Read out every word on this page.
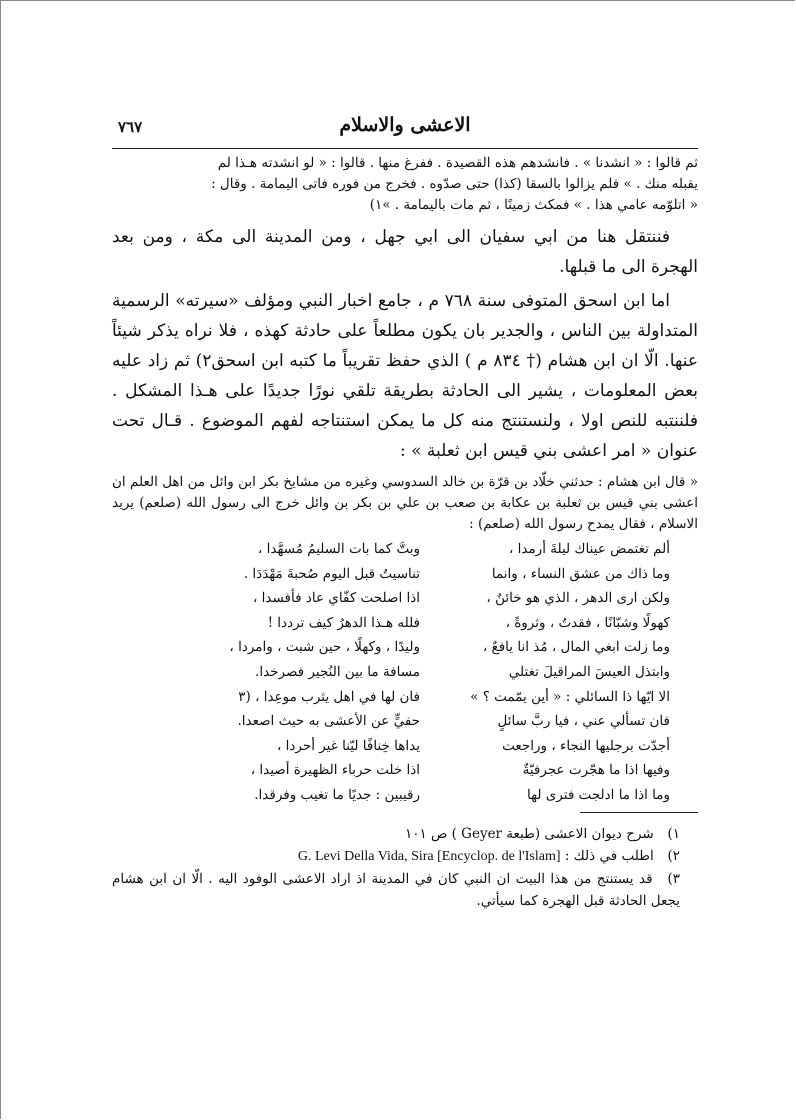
الاعشى والاسلام
٧٦٧
ثم قالوا : « انشدنا » . فانشدهم هذه القصيدة . ففرغ منها . قالوا : « لو انشدته هـذا لم
يقبله منك . » فلم يزالوا بالسقا (كذا) حتى صدّوه . فخرج من فوره فاتى اليمامة . وقال :
« اتلوّمه عامي هذا . » فمكث زمينًا ، ثم مات باليمامة . »١)
فننتقل هنا من ابي سفيان الى ابي جهل ، ومن المدينة الى مكة ، ومن بعد الهجرة الى ما قبلها.
اما ابن اسحق المتوفى سنة ٧٦٨ م ، جامع اخبار النبي ومؤلف «سيرته» الرسمية المتداولة بين الناس ، والجدير بان يكون مطلعاً على حادثة كهذه ، فلا نراه يذكر شيئاً عنها. الّا ان ابن هشام († ٨٣٤ م ) الذي حفظ تقريباً ما كتبه ابن اسحق٢) ثم زاد عليه بعض المعلومات ، يشير الى الحادثة بطريقة تلقي نورًا جديدًا على هـذا المشكل . فلننتبه للنص اولا ، ولنستنتج منه كل ما يمكن استنتاجه لفهم الموضوع . قـال تحت عنوان « امر اعشى بني قيس ابن ثعلبة » :
« قال ابن هشام : حدثني خلّاد بن قرّة بن خالد السدوسي وغيره من مشايخ بكر ابن وائل من اهل العلم ان اعشى بني قيس بن ثعلبة بن عكابة بن صعب بن علي بن بكر بن وائل خرج الى رسول الله (صلعم) يريد الاسلام ، فقال يمدح رسول الله (صلعم) :
ألم تغتمض عيناك ليلةَ أرمدا ،
وبتَّ كما بات السليمُ مُسهَّدا ،
وما ذاك من عشق النساء ، وانما
تناسيتُ قبل اليوم صُحبةَ مَهْدَدَا .
ولكن ارى الدهر ، الذي هو خائنٌ ،
اذا اصلحت كفّاي عاد فأفسدا ،
كهولًا وشبّانًا ، فقدتُ ، وثروةً ،
فلله هـذا الدهرُ كيف ترددا !
وما زلت ابغي المال ، مُذ انا يافعٌ ،
وليدًا ، وكهلًا ، حين شبت ، وامردا ،
وابتذل العيسَ المراقيلَ تغتلي
مسافة ما بين النُجير فصرخدا.
الا ايّها ذا السائلي : « أين يمّمت ؟ »
فان لها في اهل يثرب موعِدا ، (٣
فان تسألي عني ، فيا ربَّ سائلٍ
حفيٍّ عن الأعشى به حيث اصعدا.
أجدّت برجليها النجاء ، وراجعت
يداها خِنافًا ليّنا غير أحردا ،
وفيها اذا ما هجّرت عجرفيّةٌ
اذا خلت حرباء الظهيرة أصيدا ،
وما اذا ما ادلجت فترى لها
رقيبين : جديًا ما تغيب وفرقدا.
١) شرح ديوان الاعشى (طبعة Geyer ) ص ١٠١
٢) اطلب في ذلك : G. Levi Della Vida, Sira [Encyclop. de l'Islam]
٣) قد يستنتج من هذا البيت ان النبي كان في المدينة اذ اراد الاعشى الوفود اليه . الّا ان ابن هشام يجعل الحادثة قبل الهجرة كما سيأتي.
